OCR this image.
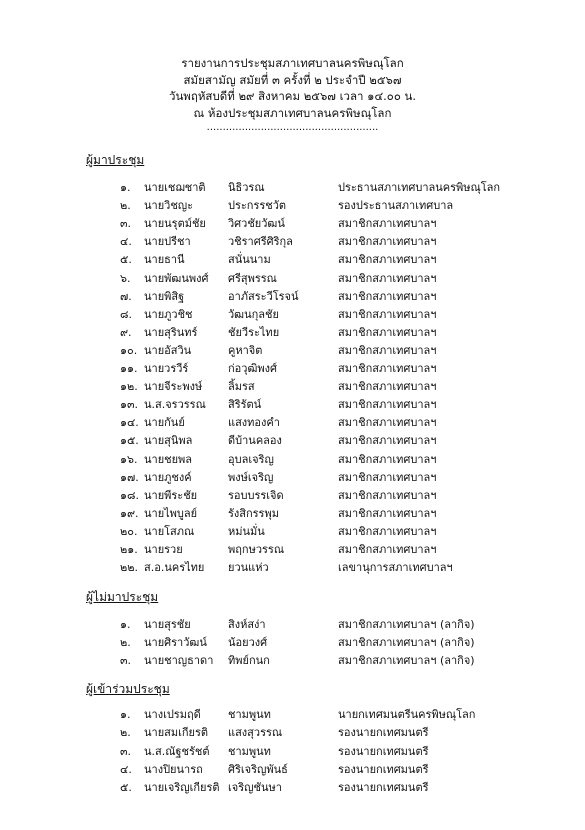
รายงานการประชุมสภาเทศบาลนครพิษณุโลก
สมัยสามัญ สมัยที่ ๓ ครั้งที่ ๒ ประจำปี ๒๕๖๗
วันพฤหัสบดีที่ ๒๙ สิงหาคม ๒๕๖๗ เวลา ๑๔.๐๐ น.
ณ ห้องประชุมสภาเทศบาลนครพิษณุโลก
......................................................
ผู้มาประชุม
๑. นายเชฌชาติ นิธิวรณ	ประธานสภาเทศบาลนครพิษณุโลก
๒. นายวิชญะ	ประกรรชวัต	รองประธานสภาเทศบาล
๓. นายนรุตม์ชัย วิศวชัยวัฒน์	สมาชิกสภาเทศบาลฯ
๔. นายปรีชา	วชิราศรีศิริกุล	สมาชิกสภาเทศบาลฯ
๕. นายธานี	สนั่นนาม	สมาชิกสภาเทศบาลฯ
๖. นายพัฒนพงศ์ ศรีสุพรรณ	สมาชิกสภาเทศบาลฯ
๗. นายพิสิฐ	อาภัสระวีโรจน์	สมาชิกสภาเทศบาลฯ
๘. นายภูวชิช	วัฒนกุลชัย	สมาชิกสภาเทศบาลฯ
๙. นายสุรินทร์	ชัยวีระไทย	สมาชิกสภาเทศบาลฯ
๑๐. นายอัสวิน	คูหาจิต	สมาชิกสภาเทศบาลฯ
๑๑. นายวรวีร์	ก่อวุฒิพงศ์	สมาชิกสภาเทศบาลฯ
๑๒. นายจีระพงษ์ ลิ้มรส	สมาชิกสภาเทศบาลฯ
๑๓. น.ส.จรวรรณ สิริรัตน์	สมาชิกสภาเทศบาลฯ
๑๔. นายกันย์	แสงทองคำ	สมาชิกสภาเทศบาลฯ
๑๕. นายสุนิพล	ดีบ้านคลอง	สมาชิกสภาเทศบาลฯ
๑๖. นายชยพล	อุบลเจริญ	สมาชิกสภาเทศบาลฯ
๑๗. นายภูชงค์	พงษ์เจริญ	สมาชิกสภาเทศบาลฯ
๑๘. นายพีระชัย	รอบบรรเจิด	สมาชิกสภาเทศบาลฯ
๑๙. นายไพบูลย์	รังสิกรรพุม	สมาชิกสภาเทศบาลฯ
๒๐. นายโสภณ	หม่นมั่น	สมาชิกสภาเทศบาลฯ
๒๑. นายรวย	พฤกษวรรณ	สมาชิกสภาเทศบาลฯ
๒๒. ส.อ.นครไทย ยวนแห่ว	เลขานุการสภาเทศบาลฯ
ผู้ไม่มาประชุม
๑. นายสุรชัย	สิงห์สง่า	สมาชิกสภาเทศบาลฯ (ลากิจ)
๒. นายศิราวัฒน์ น้อยวงศ์	สมาชิกสภาเทศบาลฯ (ลากิจ)
๓. นายชาญธาดา ทิพย์กนก	สมาชิกสภาเทศบาลฯ (ลากิจ)
ผู้เข้าร่วมประชุม
๑. นางเปรมฤดี ชามพูนท	นายกเทศมนตรีนครพิษณุโลก
๒. นายสมเกียรติ แสงสุวรรณ	รองนายกเทศมนตรี
๓. น.ส.ณัฐชรัชต์ ชามพูนท	รองนายกเทศมนตรี
๔. นางปิยนารถ ศิริเจริญพันธ์	รองนายกเทศมนตรี
๕. นายเจริญเกียรติ เจริญชันษา	รองนายกเทศมนตรี
